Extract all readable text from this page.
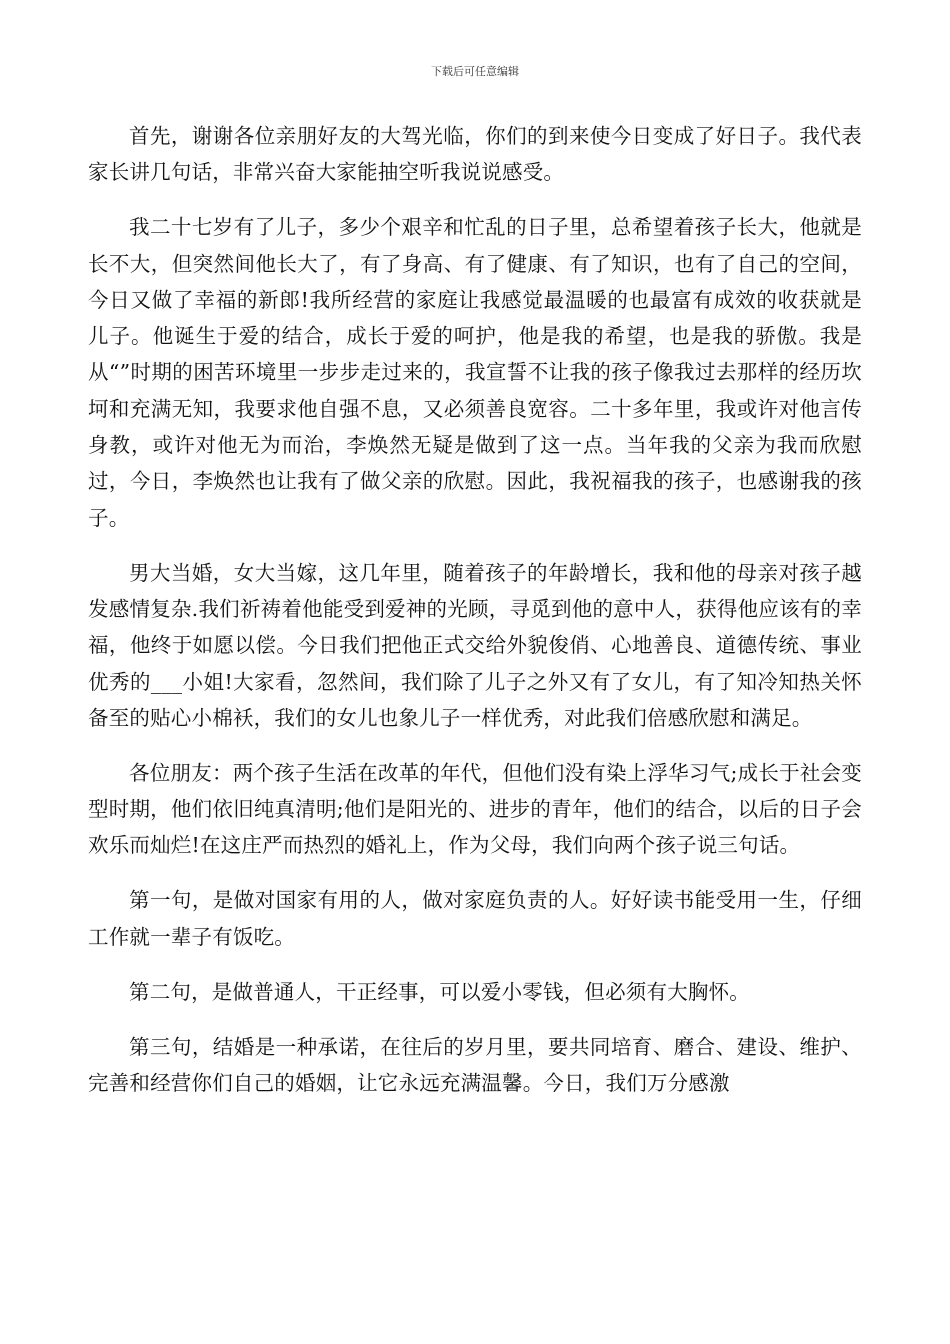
下载后可任意编辑

首先，谢谢各位亲朋好友的大驾光临，你们的到来使今日变成了好日子。我代表家长讲几句话，非常兴奋大家能抽空听我说说感受。

我二十七岁有了儿子，多少个艰辛和忙乱的日子里，总希望着孩子长大，他就是长不大，但突然间他长大了，有了身高、有了健康、有了知识，也有了自己的空间，今日又做了幸福的新郎!我所经营的家庭让我感觉最温暖的也最富有成效的收获就是儿子。他诞生于爱的结合，成长于爱的呵护，他是我的希望，也是我的骄傲。我是从“”时期的困苦环境里一步步走过来的，我宣誓不让我的孩子像我过去那样的经历坎坷和充满无知，我要求他自强不息，又必须善良宽容。二十多年里，我或许对他言传身教，或许对他无为而治，李焕然无疑是做到了这一点。当年我的父亲为我而欣慰过，今日，李焕然也让我有了做父亲的欣慰。因此，我祝福我的孩子，也感谢我的孩子。

男大当婚，女大当嫁，这几年里，随着孩子的年龄增长，我和他的母亲对孩子越发感情复杂.我们祈祷着他能受到爱神的光顾，寻觅到他的意中人，获得他应该有的幸福，他终于如愿以偿。今日我们把他正式交给外貌俊俏、心地善良、道德传统、事业优秀的___小姐!大家看，忽然间，我们除了儿子之外又有了女儿，有了知冷知热关怀备至的贴心小棉袄，我们的女儿也象儿子一样优秀，对此我们倍感欣慰和满足。

各位朋友：两个孩子生活在改革的年代，但他们没有染上浮华习气;成长于社会变型时期，他们依旧纯真清明;他们是阳光的、进步的青年，他们的结合，以后的日子会欢乐而灿烂!在这庄严而热烈的婚礼上，作为父母，我们向两个孩子说三句话。

第一句，是做对国家有用的人，做对家庭负责的人。好好读书能受用一生，仔细工作就一辈子有饭吃。

第二句，是做普通人，干正经事，可以爱小零钱，但必须有大胸怀。

第三句，结婚是一种承诺，在往后的岁月里，要共同培育、磨合、建设、维护、完善和经营你们自己的婚姻，让它永远充满温馨。今日，我们万分感激
